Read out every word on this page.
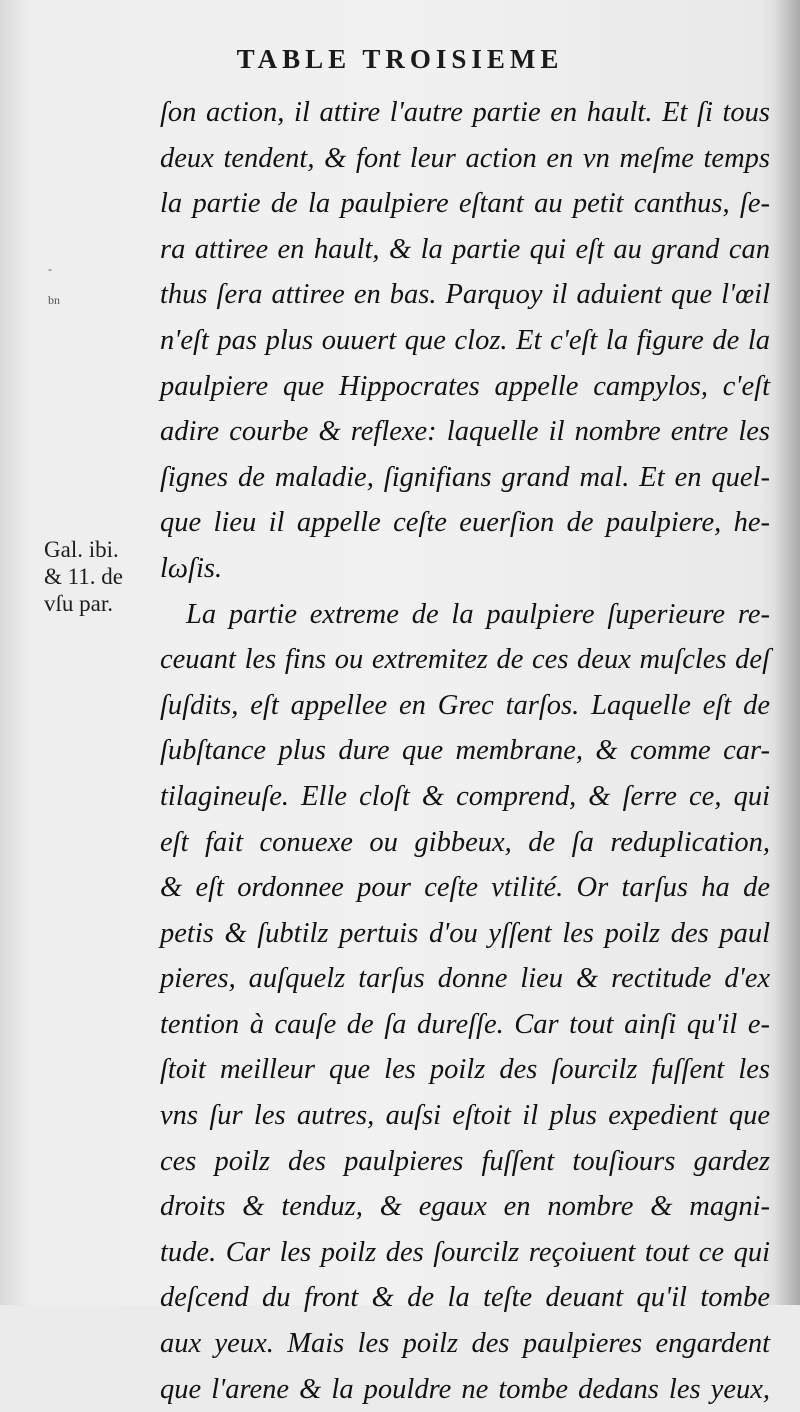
TABLE TROISIEME
-
bn
Gal. ibi.
& 11. de
vſu par.
ſon action, il attire l'autre partie en hault. Et ſi tous
deux tendent, & font leur action en vn meſme temps
la partie de la paulpiere eſtant au petit canthus, ſe-
ra attiree en hault, & la partie qui eſt au grand can
thus ſera attiree en bas. Parquoy il aduient que l'œil
n'eſt pas plus ouuert que cloz. Et c'eſt la figure de la
paulpiere que Hippocrates appelle campylos, c'eſt
adire courbe & reflexe: laquelle il nombre entre les
ſignes de maladie, ſignifians grand mal. Et en quel-
que lieu il appelle ceſte euerſion de paulpiere, he-
lωſis.
La partie extreme de la paulpiere ſuperieure re-
ceuant les fins ou extremitez de ces deux muſcles deſ
ſuſdits, eſt appellee en Grec tarſos. Laquelle eſt de
ſubſtance plus dure que membrane, & comme car-
tilagineuſe. Elle cloſt & comprend, & ſerre ce, qui
eſt fait conuexe ou gibbeux, de ſa reduplication,
& eſt ordonnee pour ceſte vtilité. Or tarſus ha de
petis & ſubtilz pertuis d'ou yſſent les poilz des paul
pieres, auſquelz tarſus donne lieu & rectitude d'ex
tention à cauſe de ſa dureſſe. Car tout ainſi qu'il e-
ſtoit meilleur que les poilz des ſourcilz fuſſent les
vns ſur les autres, auſsi eſtoit il plus expedient que
ces poilz des paulpieres fuſſent touſiours gardez
droits & tenduz, & egaux en nombre & magni-
tude. Car les poilz des ſourcilz reçoiuent tout ce qui
deſcend du front & de la teſte deuant qu'il tombe
aux yeux. Mais les poilz des paulpieres engardent
que l'arene & la pouldre ne tombe dedans les yeux,
